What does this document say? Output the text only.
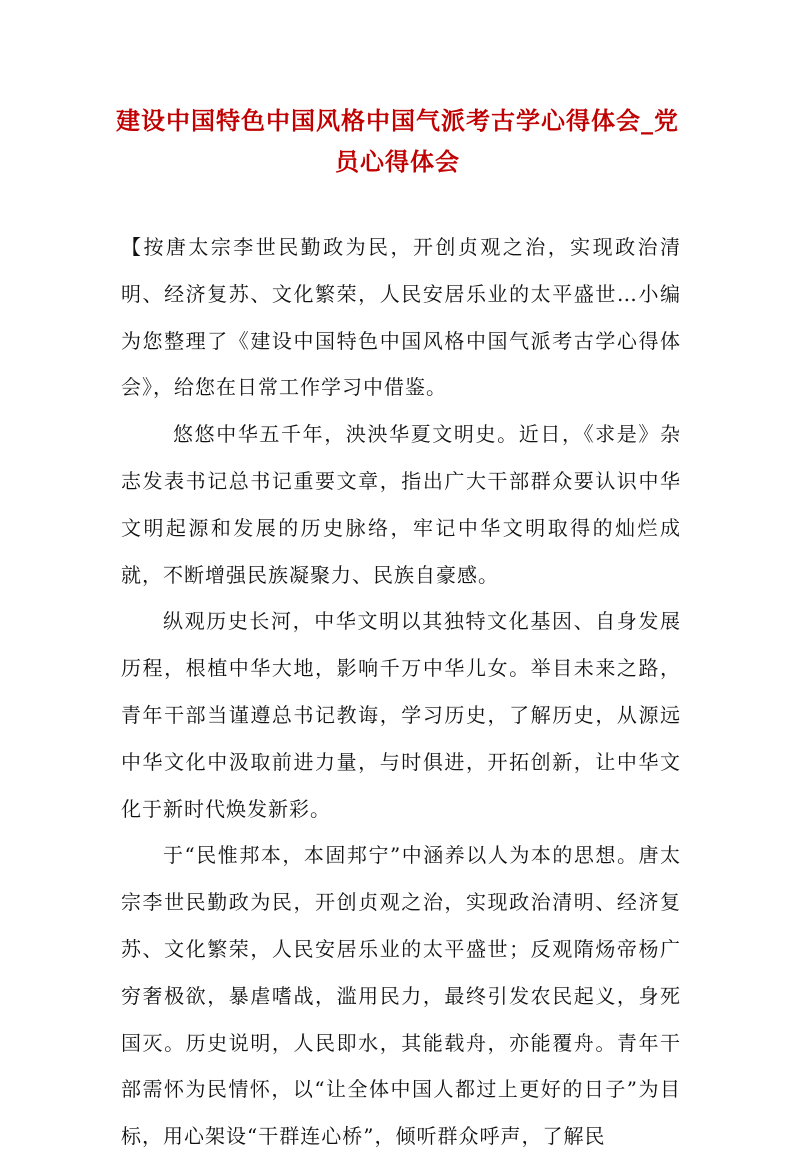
建设中国特色中国风格中国气派考古学心得体会_党
员心得体会

【按唐太宗李世民勤政为民，开创贞观之治，实现政治清明、经济复苏、文化繁荣，人民安居乐业的太平盛世…小编为您整理了《建设中国特色中国风格中国气派考古学心得体会》，给您在日常工作学习中借鉴。

悠悠中华五千年，泱泱华夏文明史。近日，《求是》杂志发表书记总书记重要文章，指出广大干部群众要认识中华文明起源和发展的历史脉络，牢记中华文明取得的灿烂成就，不断增强民族凝聚力、民族自豪感。

纵观历史长河，中华文明以其独特文化基因、自身发展历程，根植中华大地，影响千万中华儿女。举目未来之路，青年干部当谨遵总书记教诲，学习历史，了解历史，从源远中华文化中汲取前进力量，与时俱进，开拓创新，让中华文化于新时代焕发新彩。

于“民惟邦本，本固邦宁”中涵养以人为本的思想。唐太宗李世民勤政为民，开创贞观之治，实现政治清明、经济复苏、文化繁荣，人民安居乐业的太平盛世；反观隋炀帝杨广穷奢极欲，暴虐嗜战，滥用民力，最终引发农民起义，身死国灭。历史说明，人民即水，其能载舟，亦能覆舟。青年干部需怀为民情怀，以“让全体中国人都过上更好的日子”为目标，用心架设“干群连心桥”，倾听群众呼声，了解民
